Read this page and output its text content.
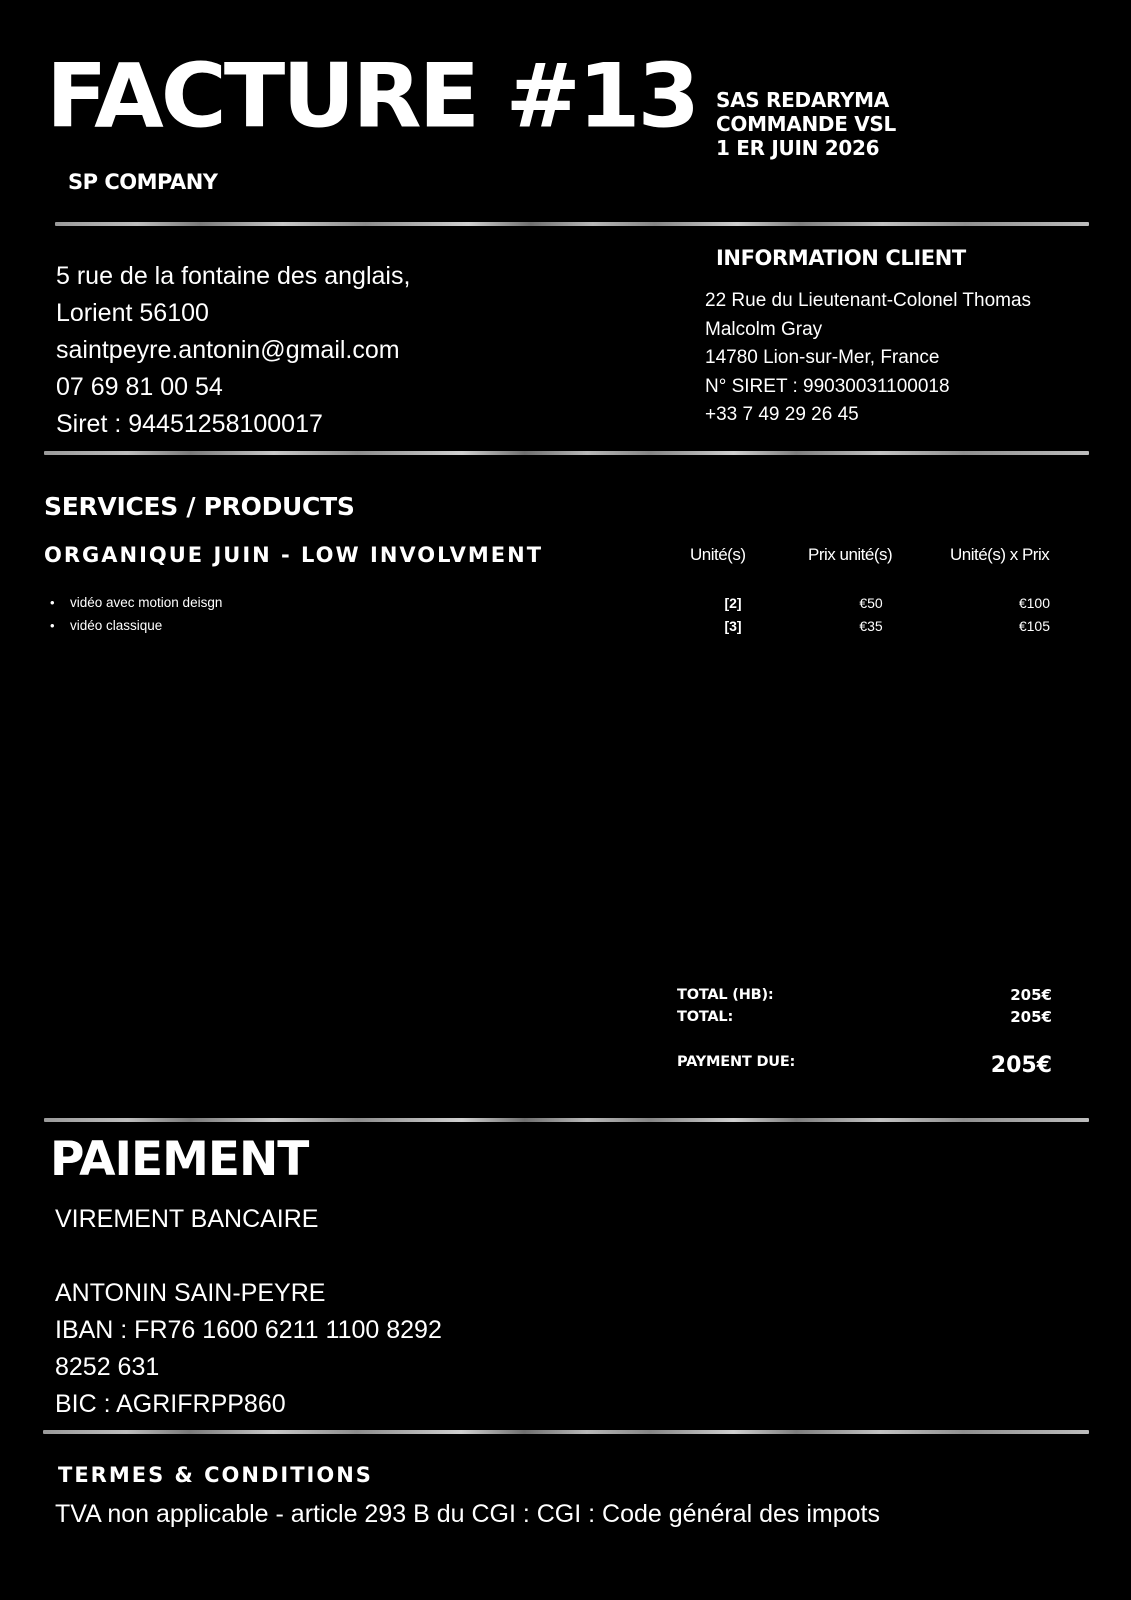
FACTURE #13
SP COMPANY
SAS REDARYMA
COMMANDE VSL
1 ER JUIN 2026
5 rue de la fontaine des anglais,
Lorient 56100
saintpeyre.antonin@gmail.com
07 69 81 00 54
Siret : 94451258100017
INFORMATION CLIENT
22 Rue du Lieutenant-Colonel Thomas
Malcolm Gray
14780 Lion-sur-Mer, France
N° SIRET : 99030031100018
+33 7 49 29 26 45
SERVICES / PRODUCTS
ORGANIQUE JUIN - LOW INVOLVMENT	Unité(s)	Prix unité(s)	Unité(s) x Prix
• vidéo avec motion deisgn	[2]	€50	€100
• vidéo classique	[3]	€35	€105
TOTAL (HB):	205€
TOTAL:	205€
PAYMENT DUE:	205€
PAIEMENT
VIREMENT BANCAIRE
ANTONIN SAIN-PEYRE
IBAN : FR76 1600 6211 1100 8292
8252 631
BIC : AGRIFRPP860
TERMES & CONDITIONS
TVA non applicable - article 293 B du CGI : CGI : Code général des impots
